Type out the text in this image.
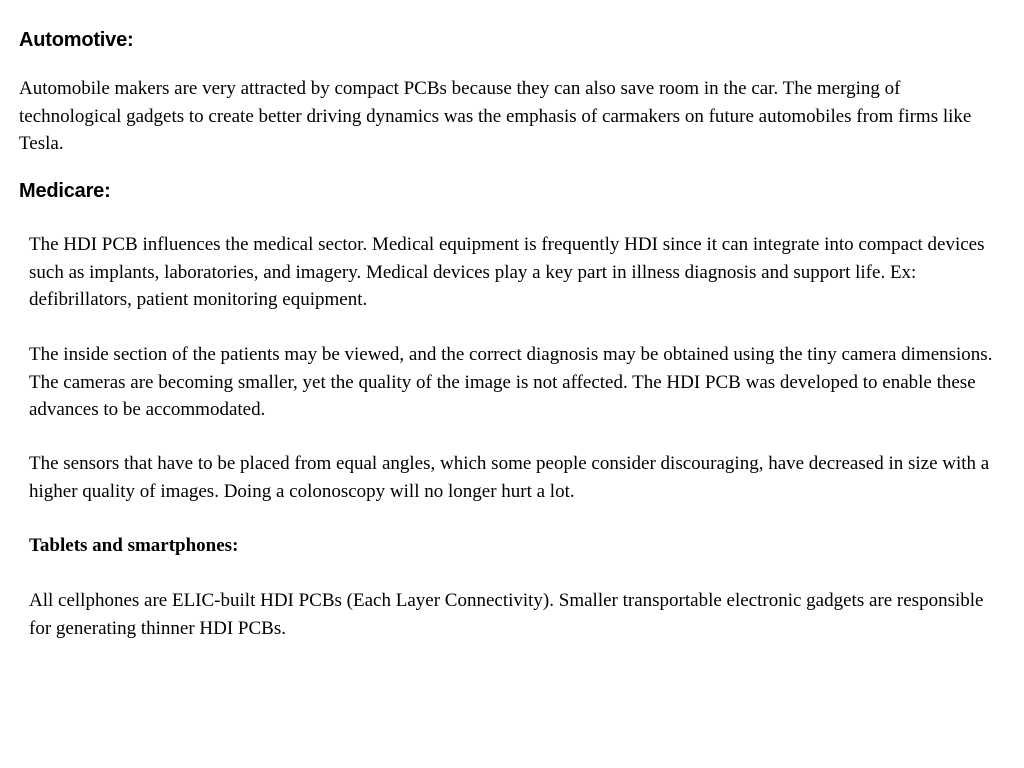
Automotive:

Automobile makers are very attracted by compact PCBs because they can also save room in the car. The merging of technological gadgets to create better driving dynamics was the emphasis of carmakers on future automobiles from firms like Tesla.

Medicare:

The HDI PCB influences the medical sector. Medical equipment is frequently HDI since it can integrate into compact devices such as implants, laboratories, and imagery. Medical devices play a key part in illness diagnosis and support life. Ex: defibrillators, patient monitoring equipment.

The inside section of the patients may be viewed, and the correct diagnosis may be obtained using the tiny camera dimensions. The cameras are becoming smaller, yet the quality of the image is not affected. The HDI PCB was developed to enable these advances to be accommodated.

The sensors that have to be placed from equal angles, which some people consider discouraging, have decreased in size with a higher quality of images. Doing a colonoscopy will no longer hurt a lot.

Tablets and smartphones:

All cellphones are ELIC-built HDI PCBs (Each Layer Connectivity). Smaller transportable electronic gadgets are responsible for generating thinner HDI PCBs.
